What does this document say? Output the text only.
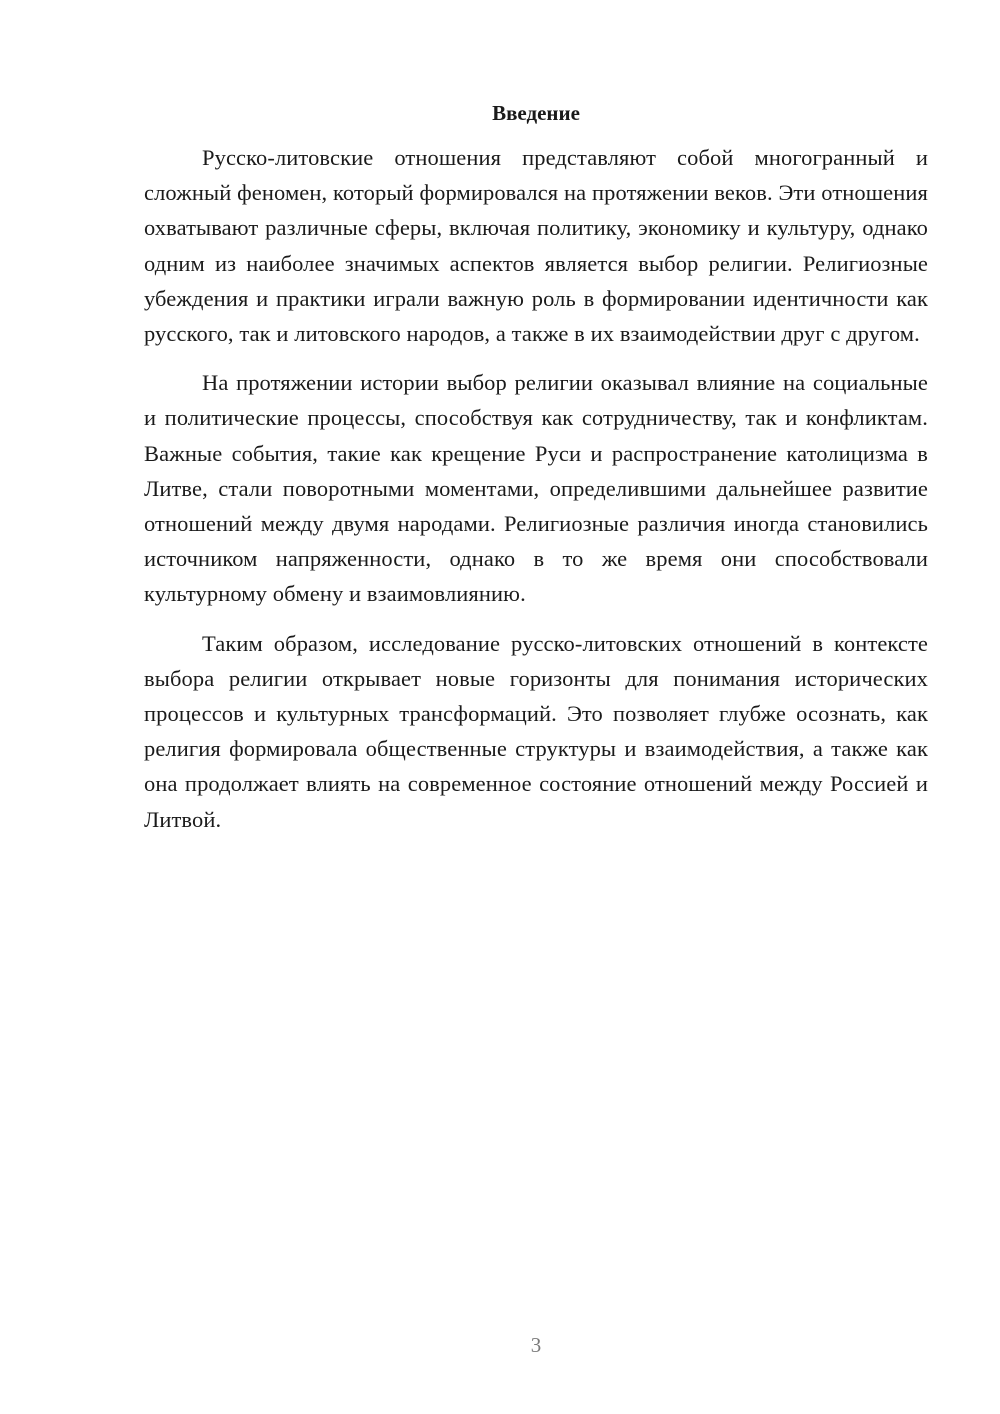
Введение

Русско-литовские отношения представляют собой многогранный и сложный феномен, который формировался на протяжении веков. Эти отношения охватывают различные сферы, включая политику, экономику и культуру, однако одним из наиболее значимых аспектов является выбор религии. Религиозные убеждения и практики играли важную роль в формировании идентичности как русского, так и литовского народов, а также в их взаимодействии друг с другом.

На протяжении истории выбор религии оказывал влияние на социальные и политические процессы, способствуя как сотрудничеству, так и конфликтам. Важные события, такие как крещение Руси и распространение католицизма в Литве, стали поворотными моментами, определившими дальнейшее развитие отношений между двумя народами. Религиозные различия иногда становились источником напряженности, однако в то же время они способствовали культурному обмену и взаимовлиянию.

Таким образом, исследование русско-литовских отношений в контексте выбора религии открывает новые горизонты для понимания исторических процессов и культурных трансформаций. Это позволяет глубже осознать, как религия формировала общественные структуры и взаимодействия, а также как она продолжает влиять на современное состояние отношений между Россией и Литвой.

3
